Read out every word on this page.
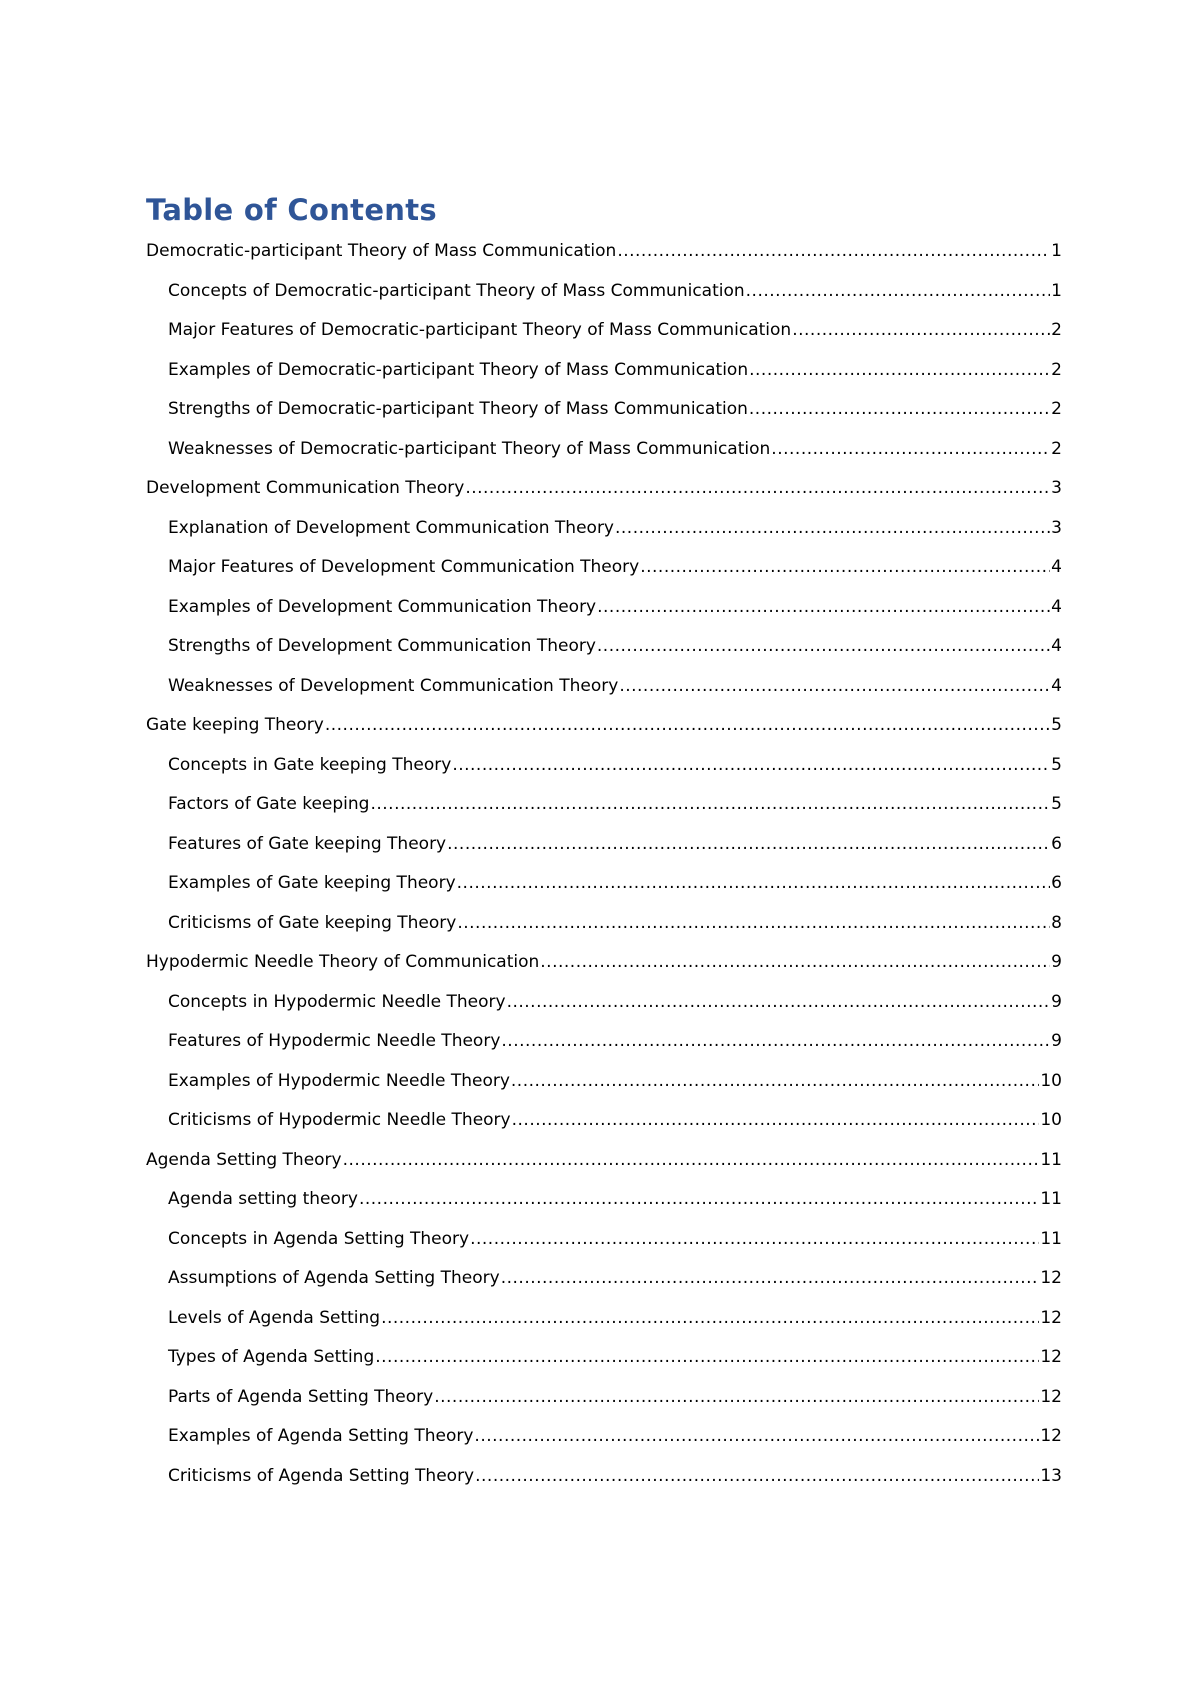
Table of Contents
Democratic-participant Theory of Mass Communication .....	1
Concepts of Democratic-participant Theory of Mass Communication .....	1
Major Features of Democratic-participant Theory of Mass Communication .....	2
Examples of Democratic-participant Theory of Mass Communication .....	2
Strengths of Democratic-participant Theory of Mass Communication .....	2
Weaknesses of Democratic-participant Theory of Mass Communication .....	2
Development Communication Theory .....	3
Explanation of Development Communication Theory .....	3
Major Features of Development Communication Theory .....	4
Examples of Development Communication Theory .....	4
Strengths of Development Communication Theory .....	4
Weaknesses of Development Communication Theory .....	4
Gate keeping Theory .....	5
Concepts in Gate keeping Theory .....	5
Factors of Gate keeping .....	5
Features of Gate keeping Theory .....	6
Examples of Gate keeping Theory .....	6
Criticisms of Gate keeping Theory .....	8
Hypodermic Needle Theory of Communication .....	9
Concepts in Hypodermic Needle Theory .....	9
Features of Hypodermic Needle Theory .....	9
Examples of Hypodermic Needle Theory .....	10
Criticisms of Hypodermic Needle Theory .....	10
Agenda Setting Theory .....	11
Agenda setting theory .....	11
Concepts in Agenda Setting Theory .....	11
Assumptions of Agenda Setting Theory .....	12
Levels of Agenda Setting .....	12
Types of Agenda Setting .....	12
Parts of Agenda Setting Theory .....	12
Examples of Agenda Setting Theory .....	12
Criticisms of Agenda Setting Theory .....	13
